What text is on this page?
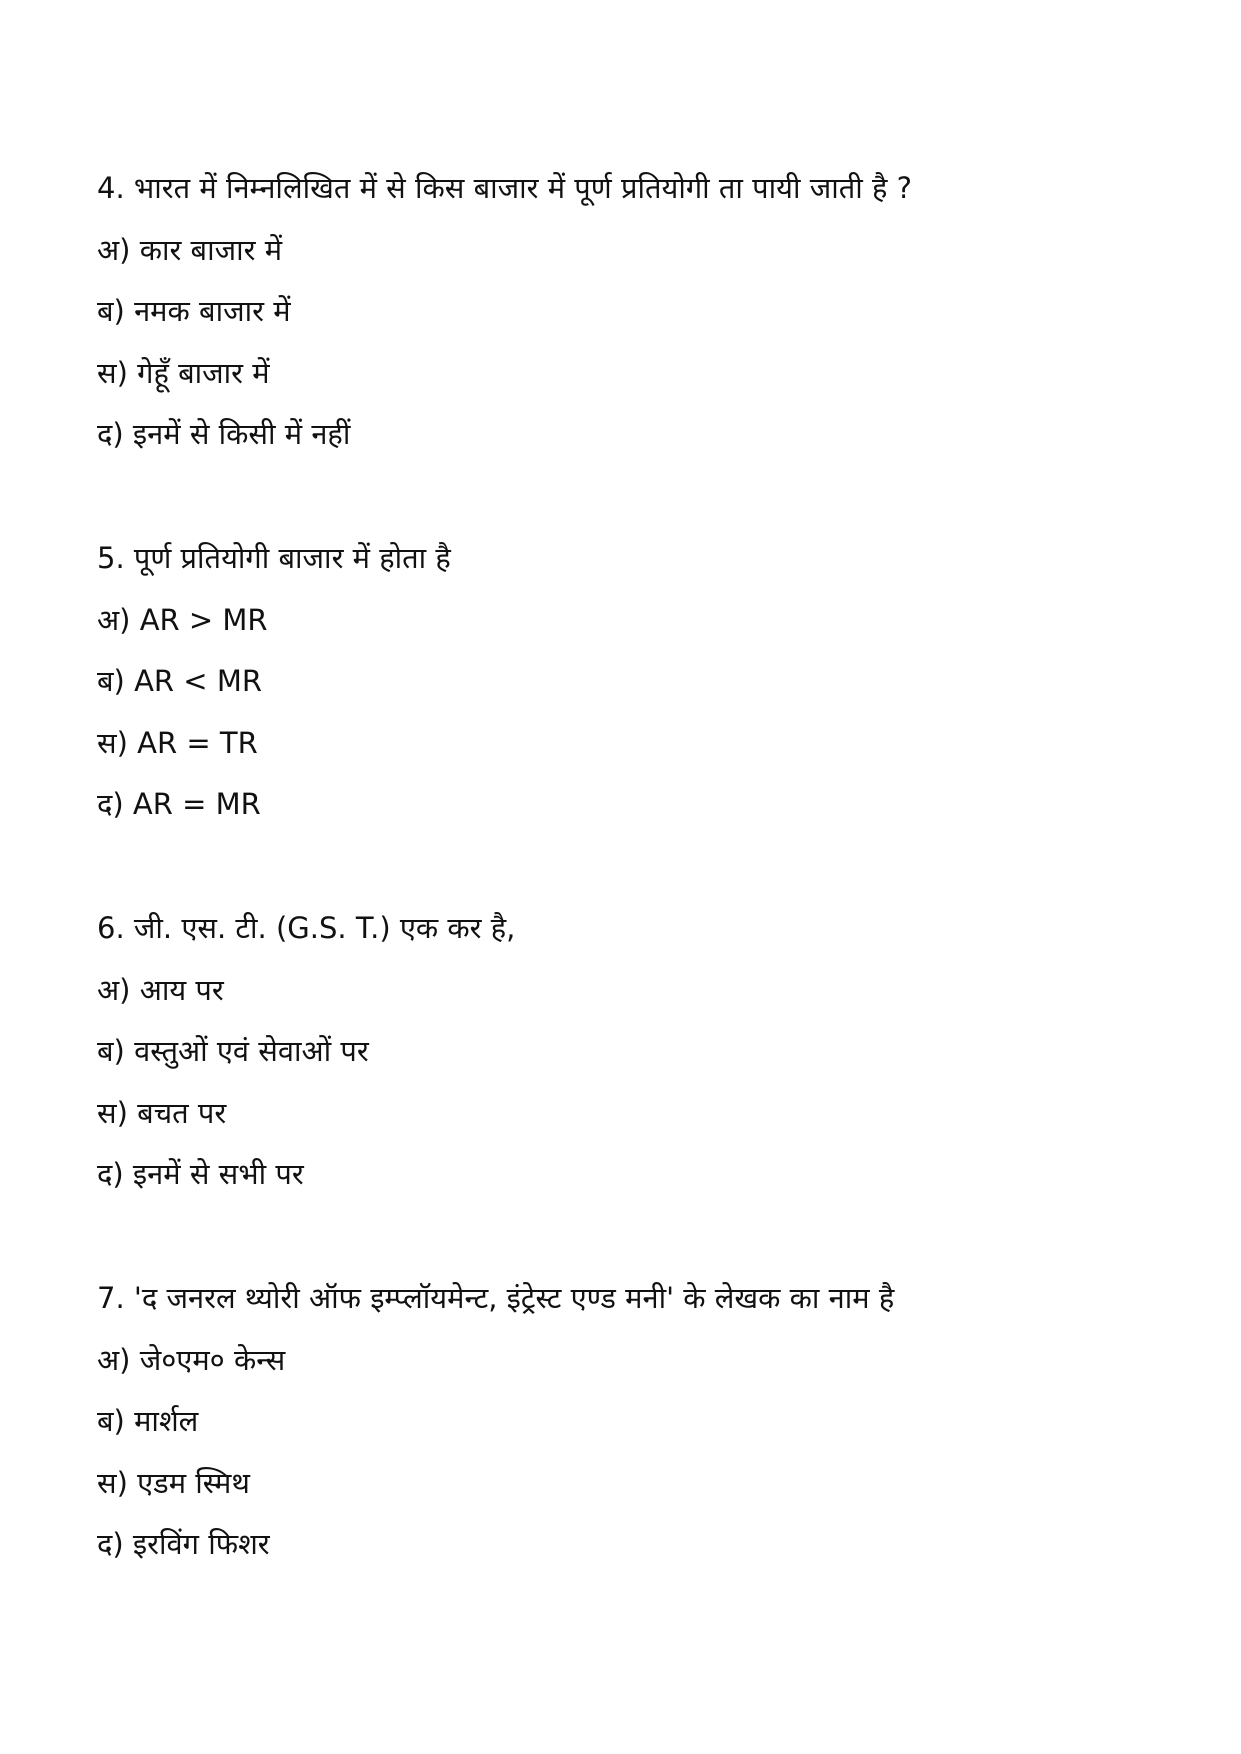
4. भारत में निम्नलिखित में से किस बाजार में पूर्ण प्रतियोगी ता पायी जाती है ?
अ) कार बाजार में
ब) नमक बाजार में
स) गेहूँ बाजार में
द) इनमें से किसी में नहीं
5. पूर्ण प्रतियोगी बाजार में होता है
अ) AR > MR
ब) AR < MR
स) AR = TR
द) AR = MR
6. जी. एस. टी. (G.S. T.) एक कर है,
अ) आय पर
ब) वस्तुओं एवं सेवाओं पर
स) बचत पर
द) इनमें से सभी पर
7. 'द जनरल थ्योरी ऑफ इम्प्लॉयमेन्ट, इंट्रेस्ट एण्ड मनी' के लेखक का नाम है
अ) जे०एम० केन्स
ब) मार्शल
स) एडम स्मिथ
द) इरविंग फिशर
